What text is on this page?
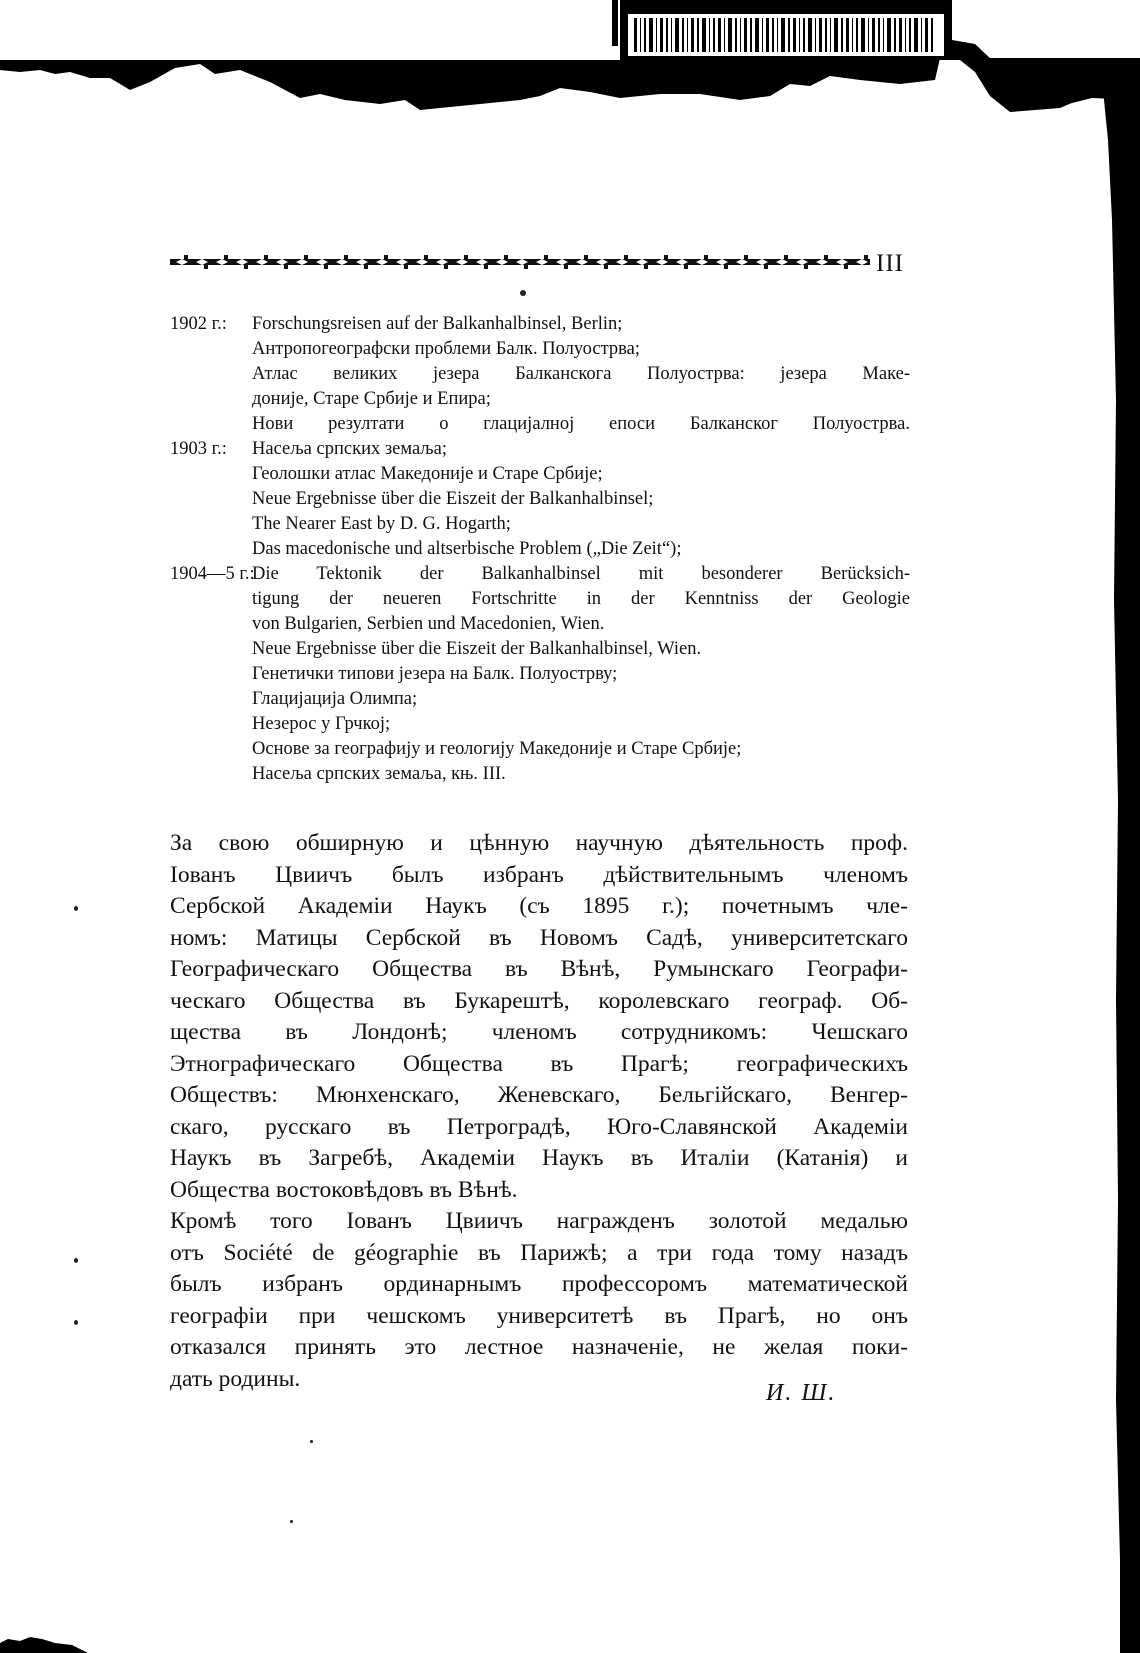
UNIVERSITY OF MICHIGAN
III
1902 г.:	Forschungsreisen auf der Balkanhalbinsel, Berlin;
Антропогеографски проблеми Балк. Полуострва;
Атлас великих језера Балканскога Полуострва: језера Маке-
доније, Старе Србије и Епира;
Нови резултати о глацијалној епоси Балканског Полуострва.
1903 г.:	Насеља српских земаља;
Геолошки атлас Македоније и Старе Србије;
Neue Ergebnisse über die Eiszeit der Balkanhalbinsel;
The Nearer East by D. G. Hogarth;
Das macedonische und altserbische Problem („Die Zeit“);
1904—5 г.:
Die Tektonik der Balkanhalbinsel mit besonderer Berücksich-
tigung der neueren Fortschritte in der Kenntniss der Geologie
von Bulgarien, Serbien und Macedonien, Wien.
Neue Ergebnisse über die Eiszeit der Balkanhalbinsel, Wien.
Генетички типови језера на Балк. Полуострву;
Глацијација Олимпа;
Незерос у Грчкој;
Основе за географију и геологију Македоније и Старе Србије;
Насеља српских земаља, књ. III.
За свою обширную и цѣнную научную дѣятельность проф.
Іованъ Цвиичъ былъ избранъ дѣйствительнымъ членомъ
Сербской Академіи Наукъ (съ 1895 г.); почетнымъ чле-
номъ: Матицы Сербской въ Новомъ Садѣ, университетскаго
Географическаго Общества въ Вѣнѣ, Румынскаго Географи-
ческаго Общества въ Букарештѣ, королевскаго географ. Об-
щества въ Лондонѣ; членомъ сотрудникомъ: Чешскаго
Этнографическаго Общества въ Прагѣ; географическихъ
Обществъ: Мюнхенскаго, Женевскаго, Бельгійскаго, Венгер-
скаго, русскаго въ Петроградѣ, Юго-Славянской Академіи
Наукъ въ Загребѣ, Академіи Наукъ въ Италіи (Катанія) и
Общества востоковѣдовъ въ Вѣнѣ.
Кромѣ того Іованъ Цвиичъ награжденъ золотой медалью
отъ Société de géographie въ Парижѣ; а три года тому назадъ
былъ избранъ ординарнымъ профессоромъ математической
географіи при чешскомъ университетѣ въ Прагѣ, но онъ
отказался принять это лестное назначеніе, не желая поки-
дать родины.
И. Ш.
